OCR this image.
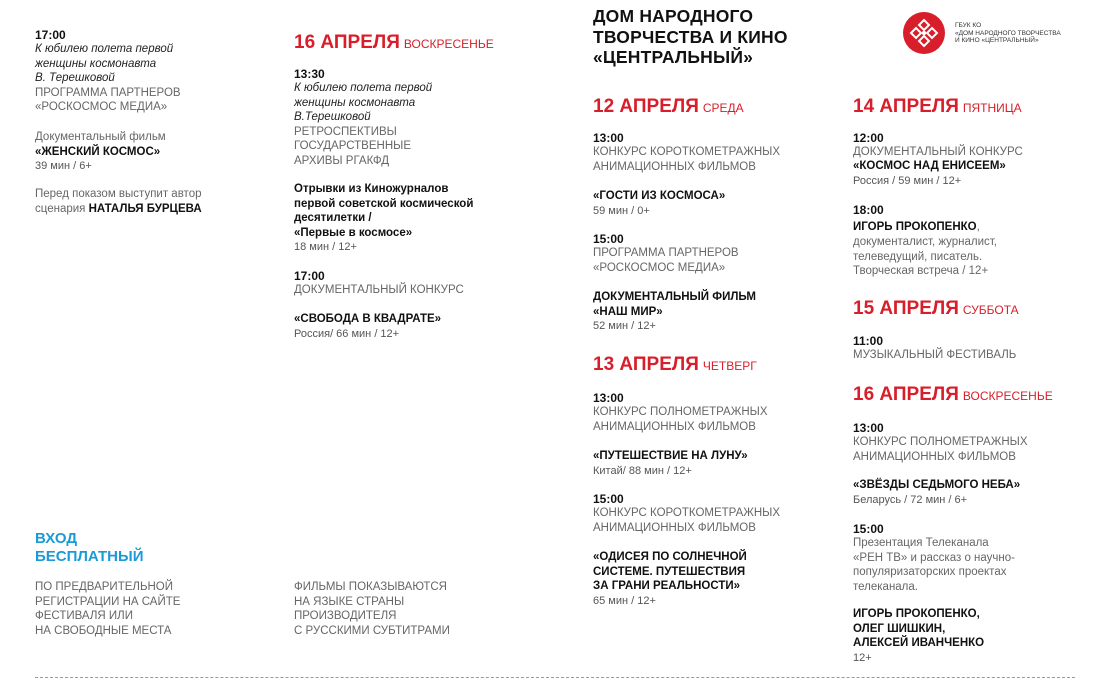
17:00
К юбилею полета первой
женщины космонавта
В. Терешковой
ПРОГРАММА ПАРТНЕРОВ
«РОСКОСМОС МЕДИА»
Документальный фильм
«ЖЕНСКИЙ КОСМОС»
39 мин / 6+
Перед показом выступит автор
сценария НАТАЛЬЯ БУРЦЕВА
ВХОД
БЕСПЛАТНЫЙ
ПО ПРЕДВАРИТЕЛЬНОЙ
РЕГИСТРАЦИИ НА САЙТЕ
ФЕСТИВАЛЯ ИЛИ
НА СВОБОДНЫЕ МЕСТА
16 АПРЕЛЯ ВОСКРЕСЕНЬЕ
13:30
К юбилею полета первой
женщины космонавта
В.Терешковой
РЕТРОСПЕКТИВЫ
ГОСУДАРСТВЕННЫЕ
АРХИВЫ РГАКФД
Отрывки из Киножурналов
первой советской космической
десятилетки /
«Первые в космосе»
18 мин / 12+
17:00
ДОКУМЕНТАЛЬНЫЙ КОНКУРС
«СВОБОДА В КВАДРАТЕ»
Россия/ 66 мин / 12+
ФИЛЬМЫ ПОКАЗЫВАЮТСЯ
НА ЯЗЫКЕ СТРАНЫ
ПРОИЗВОДИТЕЛЯ
С РУССКИМИ СУБТИТРАМИ
ДОМ НАРОДНОГО
ТВОРЧЕСТВА И КИНО
«ЦЕНТРАЛЬНЫЙ»
ГБУК КО
«ДОМ НАРОДНОГО ТВОРЧЕСТВА
И КИНО «ЦЕНТРАЛЬНЫЙ»
12 АПРЕЛЯ СРЕДА
13:00
КОНКУРС КОРОТКОМЕТРАЖНЫХ
АНИМАЦИОННЫХ ФИЛЬМОВ
«ГОСТИ ИЗ КОСМОСА»
59 мин / 0+
15:00
ПРОГРАММА ПАРТНЕРОВ
«РОСКОСМОС МЕДИА»
ДОКУМЕНТАЛЬНЫЙ ФИЛЬМ
«НАШ МИР»
52 мин / 12+
13 АПРЕЛЯ ЧЕТВЕРГ
13:00
КОНКУРС ПОЛНОМЕТРАЖНЫХ
АНИМАЦИОННЫХ ФИЛЬМОВ
«ПУТЕШЕСТВИЕ НА ЛУНУ»
Китай/ 88 мин / 12+
15:00
КОНКУРС КОРОТКОМЕТРАЖНЫХ
АНИМАЦИОННЫХ ФИЛЬМОВ
«ОДИСЕЯ ПО СОЛНЕЧНОЙ
СИСТЕМЕ. ПУТЕШЕСТВИЯ
ЗА ГРАНИ РЕАЛЬНОСТИ»
65 мин / 12+
14 АПРЕЛЯ ПЯТНИЦА
12:00
ДОКУМЕНТАЛЬНЫЙ КОНКУРС
«КОСМОС НАД ЕНИСЕЕМ»
Россия / 59 мин / 12+
18:00
ИГОРЬ ПРОКОПЕНКО,
документалист, журналист,
телеведущий, писатель.
Творческая встреча / 12+
15 АПРЕЛЯ СУББОТА
11:00
МУЗЫКАЛЬНЫЙ ФЕСТИВАЛЬ
16 АПРЕЛЯ ВОСКРЕСЕНЬЕ
13:00
КОНКУРС ПОЛНОМЕТРАЖНЫХ
АНИМАЦИОННЫХ ФИЛЬМОВ
«ЗВЁЗДЫ СЕДЬМОГО НЕБА»
Беларусь / 72 мин / 6+
15:00
Презентация Телеканала
«РЕН ТВ» и рассказ о научно-
популяризаторских проектах
телеканала.
ИГОРЬ ПРОКОПЕНКО,
ОЛЕГ ШИШКИН,
АЛЕКСЕЙ ИВАНЧЕНКО
12+
